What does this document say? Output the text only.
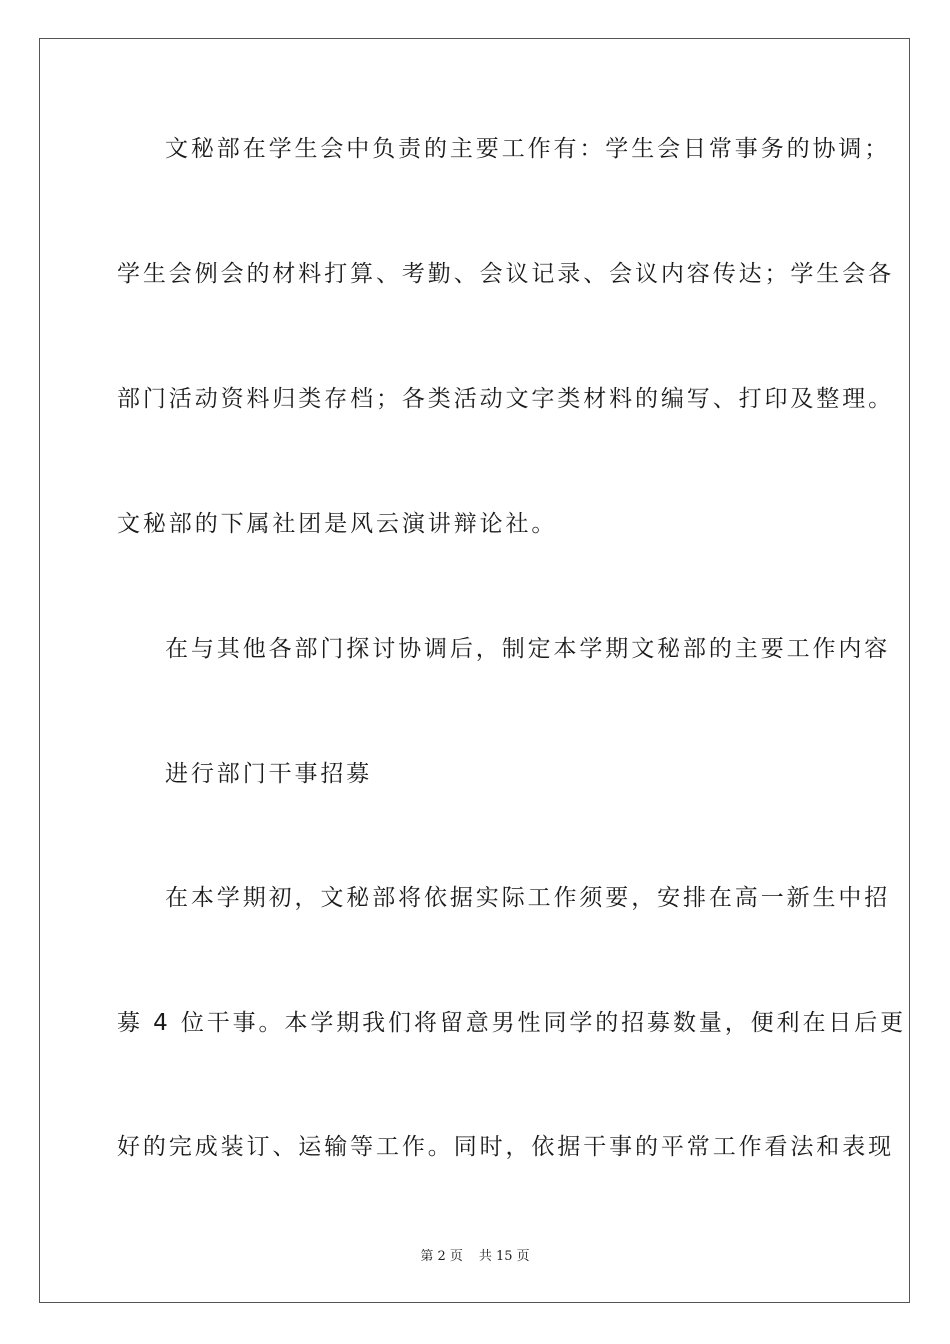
文秘部在学生会中负责的主要工作有：学生会日常事务的协调；
学生会例会的材料打算、考勤、会议记录、会议内容传达；学生会各
部门活动资料归类存档；各类活动文字类材料的编写、打印及整理。
文秘部的下属社团是风云演讲辩论社。
在与其他各部门探讨协调后，制定本学期文秘部的主要工作内容
进行部门干事招募
在本学期初，文秘部将依据实际工作须要，安排在高一新生中招
募 4 位干事。本学期我们将留意男性同学的招募数量，便利在日后更
好的完成装订、运输等工作。同时，依据干事的平常工作看法和表现
第 2 页 共 15 页
